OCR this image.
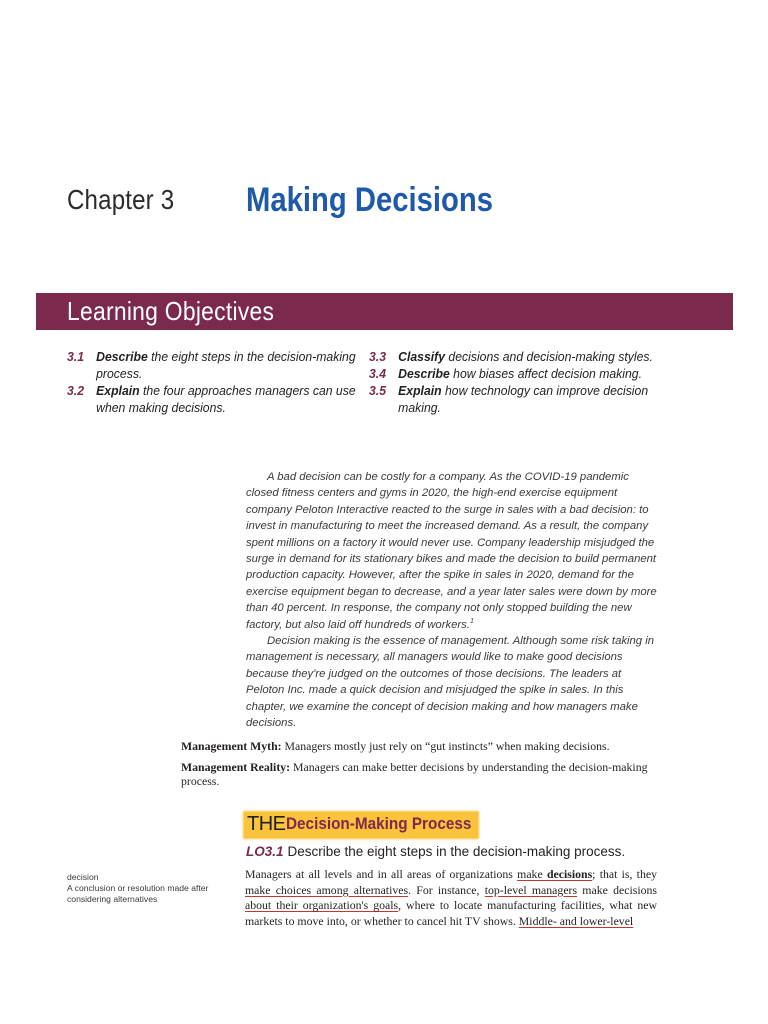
Chapter 3 Making Decisions
Learning Objectives
3.1 Describe the eight steps in the decision-making process.
3.2 Explain the four approaches managers can use when making decisions.
3.3 Classify decisions and decision-making styles.
3.4 Describe how biases affect decision making.
3.5 Explain how technology can improve decision making.

A bad decision can be costly for a company. As the COVID-19 pandemic closed fitness centers and gyms in 2020, the high-end exercise equipment company Peloton Interactive reacted to the surge in sales with a bad decision: to invest in manufacturing to meet the increased demand. As a result, the company spent millions on a factory it would never use. Company leadership misjudged the surge in demand for its stationary bikes and made the decision to build permanent production capacity. However, after the spike in sales in 2020, demand for the exercise equipment began to decrease, and a year later sales were down by more than 40 percent. In response, the company not only stopped building the new factory, but also laid off hundreds of workers.$^1$

Decision making is the essence of management. Although some risk taking in management is necessary, all managers would like to make good decisions because they're judged on the outcomes of those decisions. The leaders at Peloton Inc. made a quick decision and misjudged the spike in sales. In this chapter, we examine the concept of decision making and how managers make decisions.

Management Myth: Managers mostly just rely on “gut instincts” when making decisions.
Management Reality: Managers can make better decisions by understanding the decision-making process.
THEDecision-Making Process
LO3.1 Describe the eight steps in the decision-making process.
decision
A conclusion or resolution made after considering alternatives
Managers at all levels and in all areas of organizations make decisions; that is, they make choices among alternatives. For instance, top-level managers make decisions about their organization's goals, where to locate manufacturing facilities, what new markets to move into, or whether to cancel hit TV shows. Middle- and lower-level
